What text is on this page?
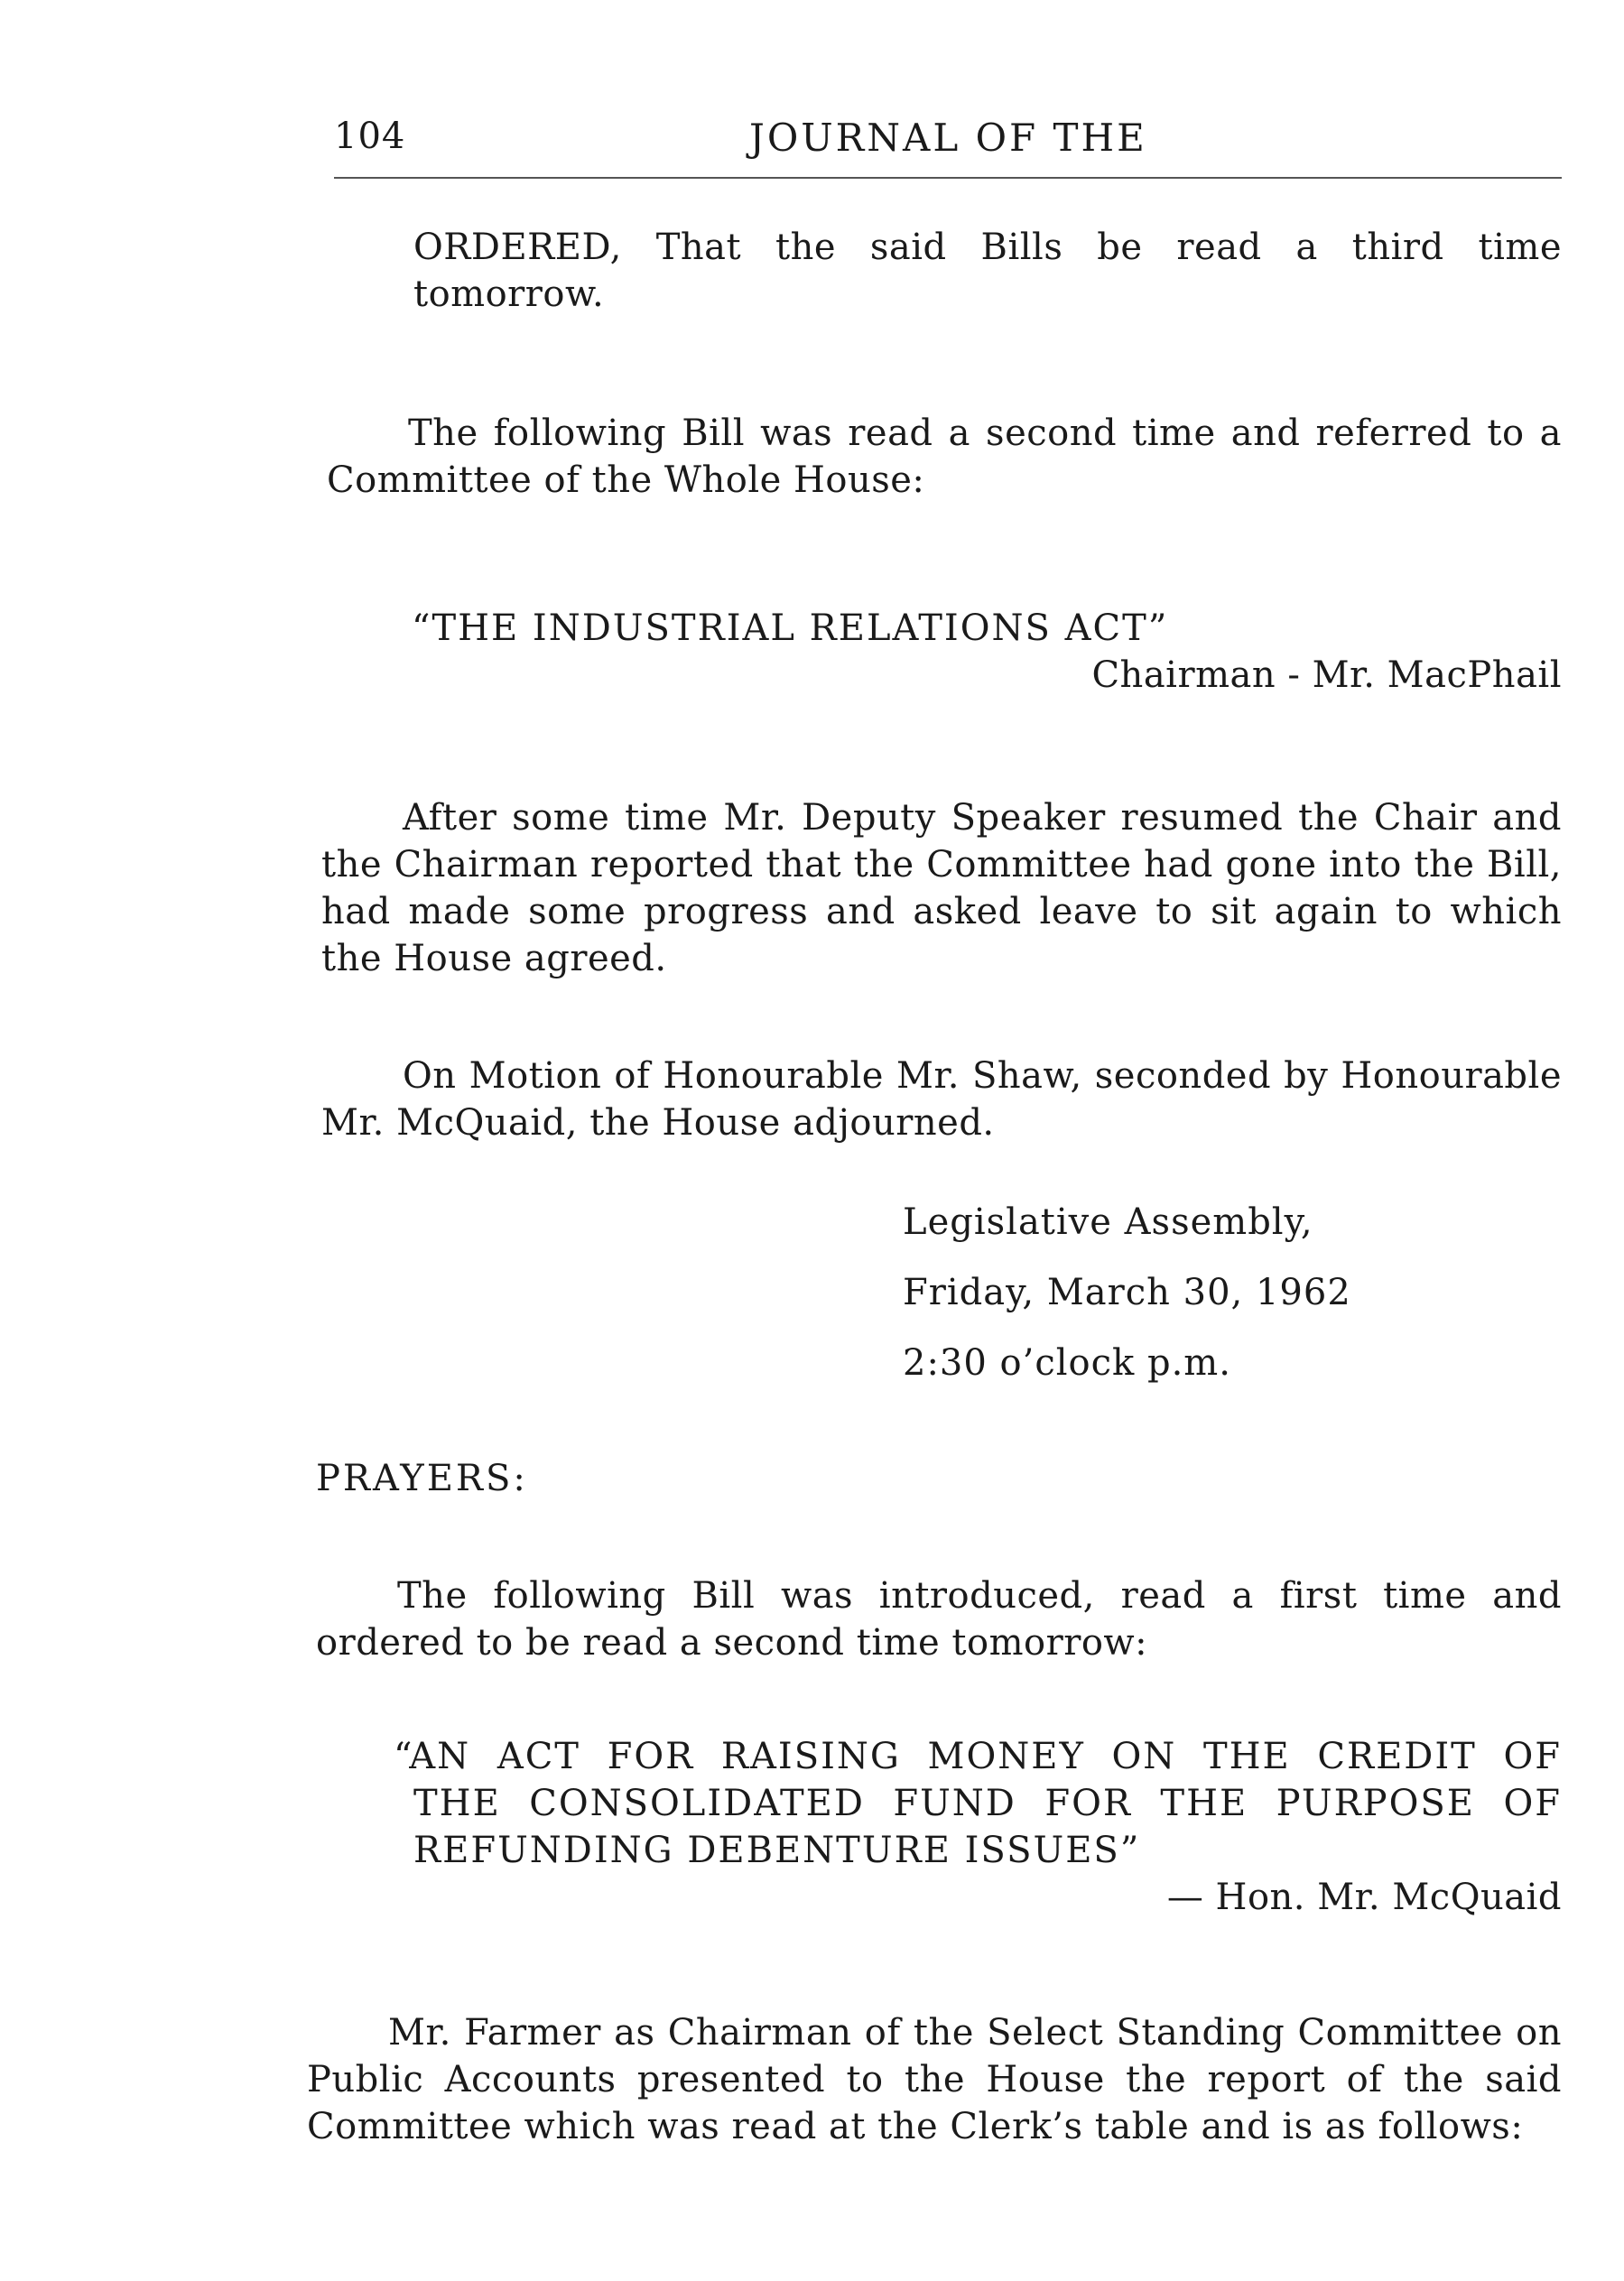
104	JOURNAL OF THE

ORDERED, That the said Bills be read a third time

tomorrow.

The following Bill was read a second time and referred to a Committee of the Whole House:

“THE INDUSTRIAL RELATIONS ACT”

Chairman - Mr. MacPhail

After some time Mr. Deputy Speaker resumed the Chair and the Chairman reported that the Committee had gone into the Bill, had made some progress and asked leave to sit again to which the House agreed.

On Motion of Honourable Mr. Shaw, seconded by Honourable Mr. McQuaid, the House adjourned.

Legislative Assembly,
Friday, March 30, 1962
2:30 o’clock p.m.
PRAYERS:

The following Bill was introduced, read a first time and ordered to be read a second time tomorrow:

“AN ACT FOR RAISING MONEY ON THE CREDIT OF

THE CONSOLIDATED FUND FOR THE PURPOSE OF

REFUNDING DEBENTURE ISSUES”

— Hon. Mr. McQuaid

Mr. Farmer as Chairman of the Select Standing Committee on Public Accounts presented to the House the report of the said Committee which was read at the Clerk’s table and is as follows:
